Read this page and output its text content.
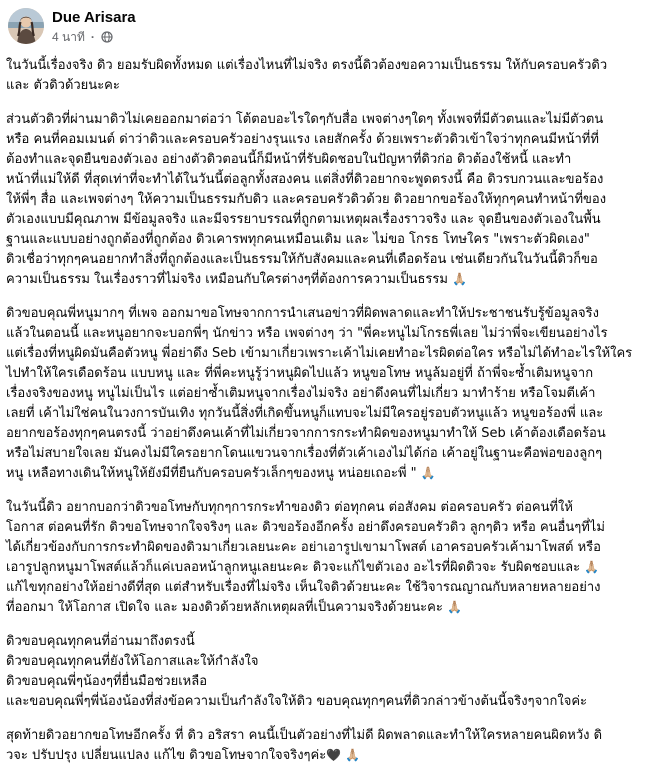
Due Arisara
4 นาที ·
ในวันนี้เรื่องจริง ดิว ยอมรับผิดทั้งหมด แต่เรื่องไหนที่ไม่จริง ตรงนี้ดิวต้องขอความเป็นธรรม ให้กับครอบครัวดิว
และ ตัวดิวด้วยนะคะ
ส่วนตัวดิวที่ผ่านมาดิวไม่เคยออกมาต่อว่า โต้ตอบอะไรใดๆกับสื่อ เพจต่างๆใดๆ ทั้งเพจที่มีตัวตนและไม่มีตัวตน
หรือ คนที่คอมเมนต์ ด่าว่าดิวและครอบครัวอย่างรุนแรง เลยสักครั้ง ด้วยเพราะตัวดิวเข้าใจว่าทุกคนมีหน้าที่ที่
ต้องทำและจุดยืนของตัวเอง อย่างตัวดิวตอนนี้ก็มีหน้าที่รับผิดชอบในปัญหาที่ดิวก่อ ดิวต้องใช้หนี้ และทำ
หน้าที่แม่ให้ดี ที่สุดเท่าที่จะทำได้ในวันนี้ต่อลูกทั้งสองคน แต่สิ่งที่ดิวอยากจะพูดตรงนี้ คือ ดิวรบกวนและขอร้อง
ให้พี่ๆ สื่อ และเพจต่างๆ ให้ความเป็นธรรมกับดิว และครอบครัวดิวด้วย ดิวอยากขอร้องให้ทุกๆคนทำหน้าที่ของ
ตัวเองแบบมีคุณภาพ มีข้อมูลจริง และมีจรรยาบรรณที่ถูกตามเหตุผลเรื่องราวจริง และ จุดยืนของตัวเองในพื้น
ฐานและแบบอย่างถูกต้องที่ถูกต้อง ดิวเคารพทุกคนเหมือนเดิม และ ไม่ขอ โกรธ โทษใคร "เพราะตัวผิดเอง"
ดิวเชื่อว่าทุกๆคนอยากทำสิ่งที่ถูกต้องและเป็นธรรมให้กับสังคมและคนที่เดือดร้อน เช่นเดียวกันในวันนี้ดิวก็ขอ
ความเป็นธรรม ในเรื่องราวที่ไม่จริง เหมือนกับใครต่างๆที่ต้องการความเป็นธรรม 🙏🏼
ดิวขอบคุณพี่หนูมากๆ ที่เพจ ออกมาขอโทษจากการนำเสนอข่าวที่ผิดพลาดและทำให้ประชาชนรับรู้ข้อมูลจริง
แล้วในตอนนี้ และหนูอยากจะบอกพี่ๆ นักข่าว หรือ เพจต่างๆ ว่า "พี่คะหนูไม่โกรธพี่เลย ไม่ว่าพี่จะเขียนอย่างไร
แต่เรื่องที่หนูผิดมันคือตัวหนู พี่อย่าดึง Seb เข้ามาเกี่ยวเพราะเค้าไม่เคยทำอะไรผิดต่อใคร หรือไม่ได้ทำอะไรให้ใคร
ไปทำให้ใครเดือดร้อน แบบหนู และ ที่พี่คะหนูรู้ว่าหนูผิดไปแล้ว หนูขอโทษ หนูล้มอยู่ที่ ถ้าพี่จะซ้ำเติมหนูจาก
เรื่องจริงของหนู หนูไม่เป็นไร แต่อย่าซ้ำเติมหนูจากเรื่องไม่จริง อย่าดึงคนที่ไม่เกี่ยว มาทำร้าย หรือโจมตีเค้า
เลยที่ เค้าไม่ใช่คนในวงการบันเทิง ทุกวันนี้สิ่งที่เกิดขึ้นหนูก็แทบจะไม่มีใครอยู่รอบตัวหนูแล้ว หนูขอร้องพี่ และ
อยากขอร้องทุกๆคนตรงนี้ ว่าอย่าดึงคนเค้าที่ไม่เกี่ยวจากการกระทำผิดของหนูมาทำให้ Seb เค้าต้องเดือดร้อน
หรือไม่สบายใจเลย มันคงไม่มีใครอยากโดนแขวนจากเรื่องที่ตัวเค้าเองไม่ได้ก่อ เค้าอยู่ในฐานะคือพ่อของลูกๆ
หนู เหลือทางเดินให้หนูให้ยังมีที่ยืนกับครอบครัวเล็กๆของหนู หน่อยเถอะพี่ " 🙏🏼
ในวันนี้ดิว อยากบอกว่าดิวขอโทษกับทุกๆการกระทำของดิว ต่อทุกคน ต่อสังคม ต่อครอบครัว ต่อคนที่ให้
โอกาส ต่อคนที่รัก ดิวขอโทษจากใจจริงๆ และ ดิวขอร้องอีกครั้ง อย่าดึงครอบครัวดิว ลูกๆดิว หรือ คนอื่นๆที่ไม่
ได้เกี่ยวข้องกับการกระทำผิดของดิวมาเกี่ยวเลยนะคะ อย่าเอารูปเขามาโพสต์ เอาครอบครัวเค้ามาโพสต์ หรือ
เอารูปลูกหนูมาโพสต์แล้วก็แค่เบลอหน้าลูกหนูเลยนะคะ ดิวจะแก้ไขตัวเอง อะไรที่ผิดดิวจะ รับผิดชอบและ 🙏🏼
แก้ไขทุกอย่างให้อย่างดีที่สุด แต่สำหรับเรื่องที่ไม่จริง เห็นใจดิวด้วยนะคะ ใช้วิจารณญาณกับหลายหลายอย่าง
ที่ออกมา ให้โอกาส เปิดใจ และ มองดิวด้วยหลักเหตุผลที่เป็นความจริงด้วยนะคะ 🙏🏼
ดิวขอบคุณทุกคนที่อ่านมาถึงตรงนี้
ดิวขอบคุณทุกคนที่ยังให้โอกาสและให้กำลังใจ
ดิวขอบคุณพี่ๆน้องๆที่ยื่นมือช่วยเหลือ
และขอบคุณพี่ๆพี่น้องน้องที่ส่งข้อความเป็นกำลังใจให้ดิว ขอบคุณทุกๆคนที่ดิวกล่าวข้างต้นนี้จริงๆจากใจค่ะ
สุดท้ายดิวอยากขอโทษอีกครั้ง ที่ ดิว อริสรา คนนี้เป็นตัวอย่างที่ไม่ดี ผิดพลาดและทำให้ใครหลายคนผิดหวัง ดิ
วจะ ปรับปรุง เปลี่ยนแปลง แก้ไข ดิวขอโทษจากใจจริงๆค่ะ🖤 🙏🏼
